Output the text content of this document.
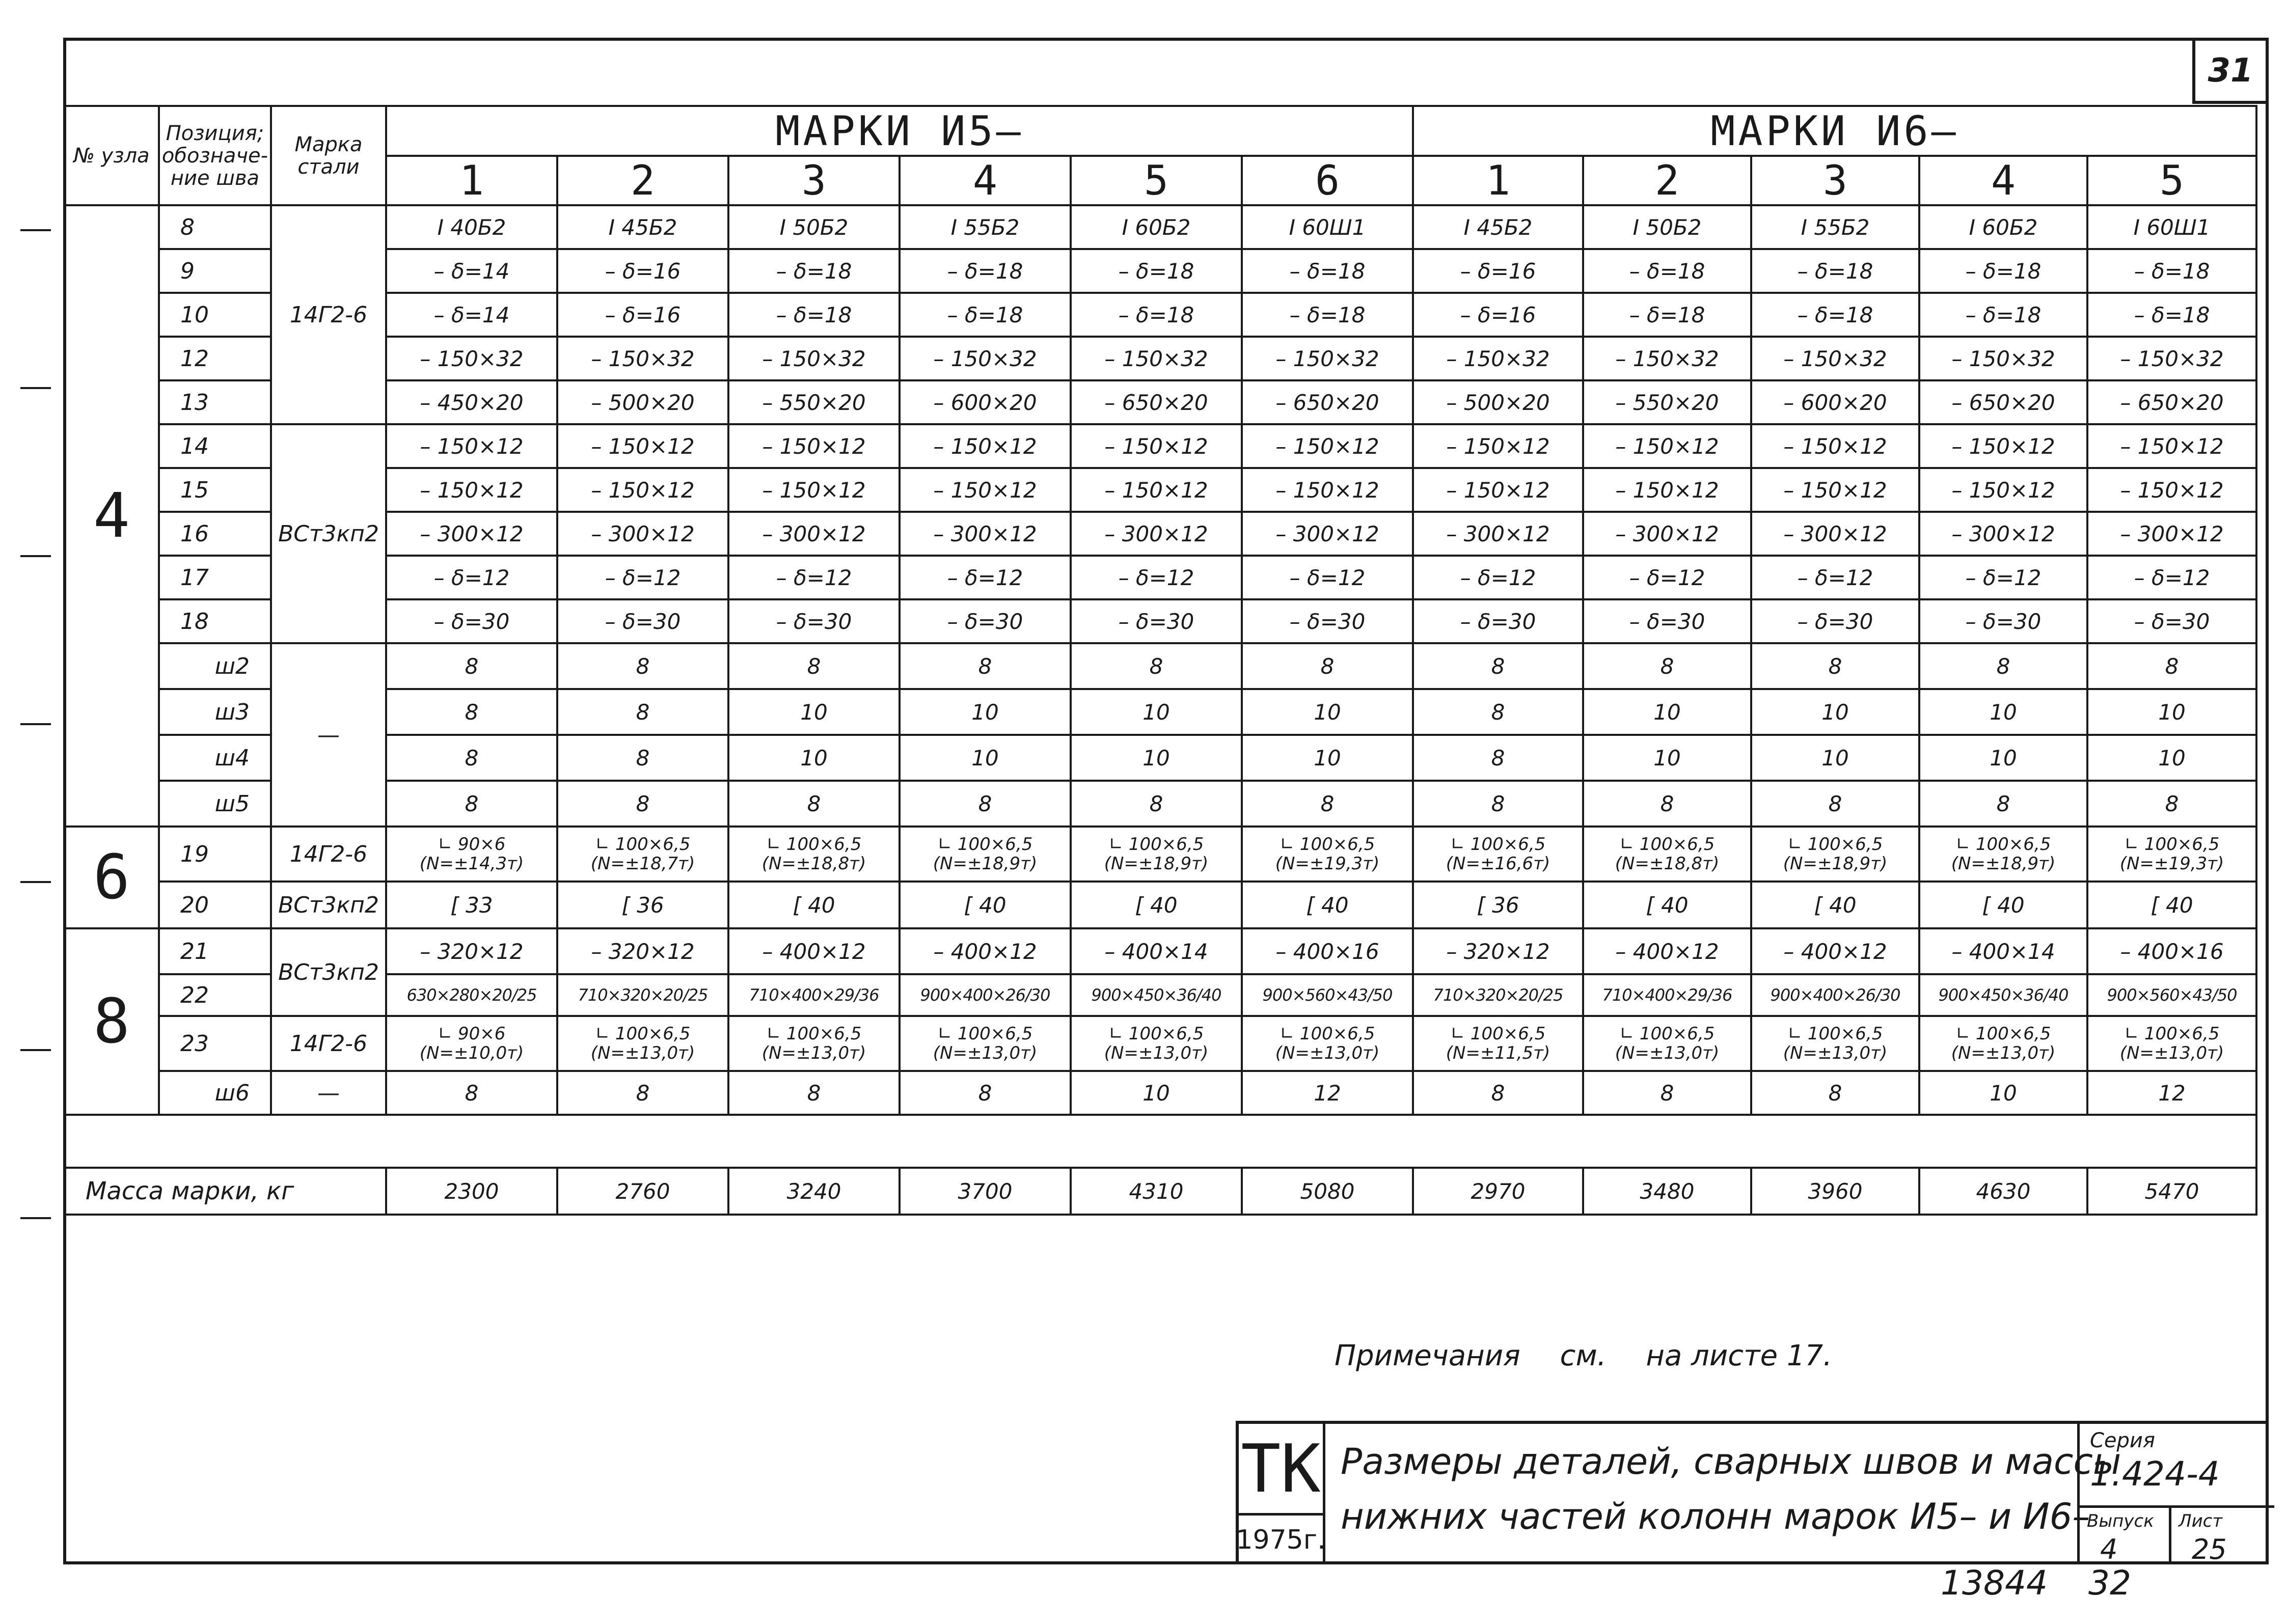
31
№ узла	Позиция; обозначе- ние шва	Марка стали	МАРКИ И5—						МАРКИ И6—				
			1	2	3	4	5	6	1	2	3	4	5
4	8	14Г2-6	I 40Б2	I 45Б2	I 50Б2	I 55Б2	I 60Б2	I 60Ш1	I 45Б2	I 50Б2	I 55Б2	I 60Б2	I 60Ш1
	9		– δ=14	– δ=16	– δ=18	– δ=18	– δ=18	– δ=18	– δ=16	– δ=18	– δ=18	– δ=18	– δ=18
	10		– δ=14	– δ=16	– δ=18	– δ=18	– δ=18	– δ=18	– δ=16	– δ=18	– δ=18	– δ=18	– δ=18
	12		– 150×32	– 150×32	– 150×32	– 150×32	– 150×32	– 150×32	– 150×32	– 150×32	– 150×32	– 150×32	– 150×32
	13		– 450×20	– 500×20	– 550×20	– 600×20	– 650×20	– 650×20	– 500×20	– 550×20	– 600×20	– 650×20	– 650×20
	14	ВСт3кп2	– 150×12	– 150×12	– 150×12	– 150×12	– 150×12	– 150×12	– 150×12	– 150×12	– 150×12	– 150×12	– 150×12
	15		– 150×12	– 150×12	– 150×12	– 150×12	– 150×12	– 150×12	– 150×12	– 150×12	– 150×12	– 150×12	– 150×12
	16		– 300×12	– 300×12	– 300×12	– 300×12	– 300×12	– 300×12	– 300×12	– 300×12	– 300×12	– 300×12	– 300×12
	17		– δ=12	– δ=12	– δ=12	– δ=12	– δ=12	– δ=12	– δ=12	– δ=12	– δ=12	– δ=12	– δ=12
	18		– δ=30	– δ=30	– δ=30	– δ=30	– δ=30	– δ=30	– δ=30	– δ=30	– δ=30	– δ=30	– δ=30
	ш2	—	8	8	8	8	8	8	8	8	8	8	8
	ш3		8	8	10	10	10	10	8	10	10	10	10
	ш4		8	8	10	10	10	10	8	10	10	10	10
	ш5		8	8	8	8	8	8	8	8	8	8	8
6	19	14Г2-6	∟ 90×6 (N=±14,3т)	∟ 100×6,5 (N=±18,7т)	∟ 100×6,5 (N=±18,8т)	∟ 100×6,5 (N=±18,9т)	∟ 100×6,5 (N=±18,9т)	∟ 100×6,5 (N=±19,3т)	∟ 100×6,5 (N=±16,6т)	∟ 100×6,5 (N=±18,8т)	∟ 100×6,5 (N=±18,9т)	∟ 100×6,5 (N=±18,9т)	∟ 100×6,5 (N=±19,3т)
	20	ВСт3кп2	[ 33	[ 36	[ 40	[ 40	[ 40	[ 40	[ 36	[ 40	[ 40	[ 40	[ 40
8	21	ВСт3кп2	– 320×12	– 320×12	– 400×12	– 400×12	– 400×14	– 400×16	– 320×12	– 400×12	– 400×12	– 400×14	– 400×16
	22		630×280×20/25	710×320×20/25	710×400×29/36	900×400×26/30	900×450×36/40	900×560×43/50	710×320×20/25	710×400×29/36	900×400×26/30	900×450×36/40	900×560×43/50
	23	14Г2-6	∟ 90×6 (N=±10,0т)	∟ 100×6,5 (N=±13,0т)	∟ 100×6,5 (N=±13,0т)	∟ 100×6,5 (N=±13,0т)	∟ 100×6,5 (N=±13,0т)	∟ 100×6,5 (N=±13,0т)	∟ 100×6,5 (N=±11,5т)	∟ 100×6,5 (N=±13,0т)	∟ 100×6,5 (N=±13,0т)	∟ 100×6,5 (N=±13,0т)	∟ 100×6,5 (N=±13,0т)
	ш6	—	8	8	8	8	10	12	8	8	8	10	12

Масса марки, кг			2300	2760	3240	3700	4310	5080	2970	3480	3960	4630	5470
Примечания см. на листе 17.
ТК
1975г.
Размеры деталей, сварных швов и массы
нижних частей колонн марок И5– и И6–
Серия
1.424-4
Выпуск
4
Лист
25
13844 32
